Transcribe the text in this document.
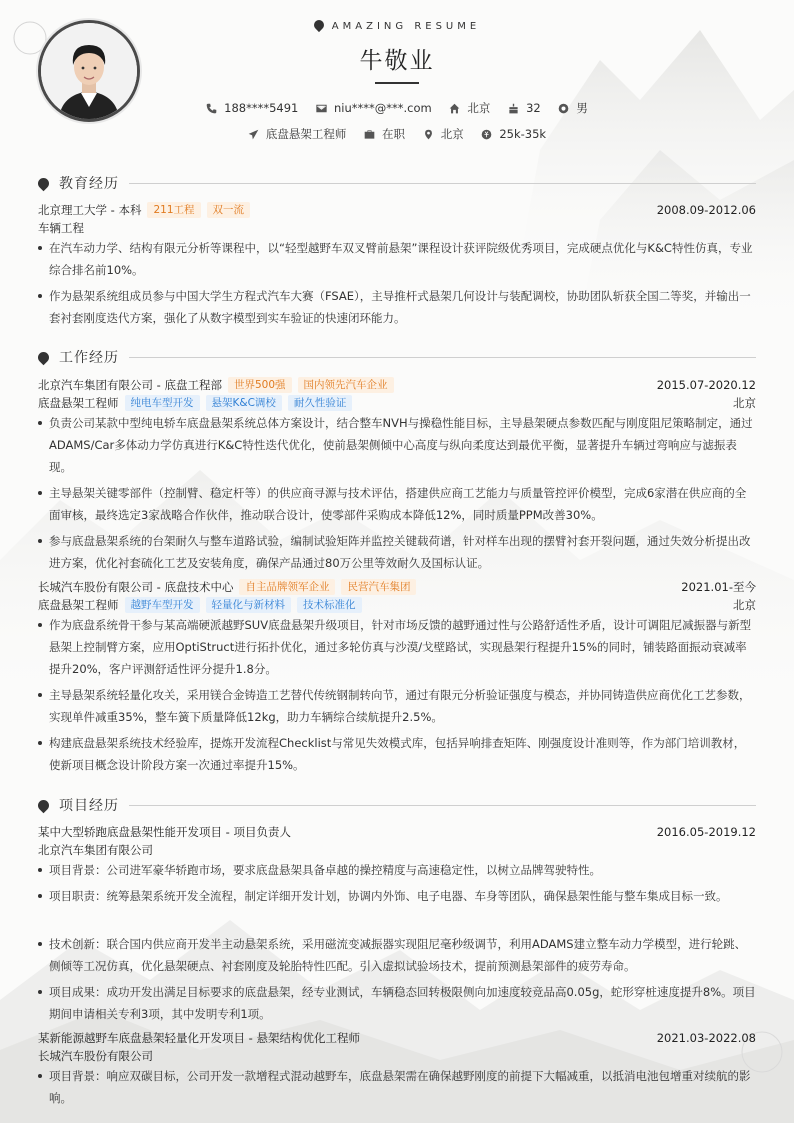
AMAZING RESUME
牛敬业
188****5491
	niu****@***.com
	北京
	32
	男
底盘悬架工程师
	在职
	北京
	25k-35k
教育经历
北京理工大学 - 本科	211工程	双一流	2008.09-2012.06
车辆工程
在汽车动力学、结构有限元分析等课程中，以“轻型越野车双叉臂前悬架”课程设计获评院级优秀项目，完成硬点优化与K&C特性仿真，专业综合排名前10%。
作为悬架系统组成员参与中国大学生方程式汽车大赛（FSAE），主导推杆式悬架几何设计与装配调校，协助团队斩获全国二等奖，并输出一套衬套刚度迭代方案，强化了从数字模型到实车验证的快速闭环能力。
工作经历
北京汽车集团有限公司 - 底盘工程部	世界500强	国内领先汽车企业	2015.07-2020.12
底盘悬架工程师	纯电车型开发	悬架K&C调校	耐久性验证	北京
负责公司某款中型纯电轿车底盘悬架系统总体方案设计，结合整车NVH与操稳性能目标，主导悬架硬点参数匹配与刚度阻尼策略制定，通过ADAMS/Car多体动力学仿真进行K&C特性迭代优化，使前悬架侧倾中心高度与纵向柔度达到最优平衡，显著提升车辆过弯响应与滤振表现。
主导悬架关键零部件（控制臂、稳定杆等）的供应商寻源与技术评估，搭建供应商工艺能力与质量管控评价模型，完成6家潜在供应商的全面审核，最终选定3家战略合作伙伴，推动联合设计，使零部件采购成本降低12%，同时质量PPM改善30%。
参与底盘悬架系统的台架耐久与整车道路试验，编制试验矩阵并监控关键载荷谱，针对样车出现的摆臂衬套开裂问题，通过失效分析提出改进方案，优化衬套硫化工艺及安装角度，确保产品通过80万公里等效耐久及国标认证。
长城汽车股份有限公司 - 底盘技术中心	自主品牌领军企业	民营汽车集团	2021.01-至今
底盘悬架工程师	越野车型开发	轻量化与新材料	技术标准化	北京
作为底盘系统骨干参与某高端硬派越野SUV底盘悬架升级项目，针对市场反馈的越野通过性与公路舒适性矛盾，设计可调阻尼减振器与新型悬架上控制臂方案，应用OptiStruct进行拓扑优化，通过多轮仿真与沙漠/戈壁路试，实现悬架行程提升15%的同时，铺装路面振动衰减率提升20%，客户评测舒适性评分提升1.8分。
主导悬架系统轻量化攻关，采用镁合金铸造工艺替代传统钢制转向节，通过有限元分析验证强度与模态，并协同铸造供应商优化工艺参数，实现单件减重35%，整车簧下质量降低12kg，助力车辆综合续航提升2.5%。
构建底盘悬架系统技术经验库，提炼开发流程Checklist与常见失效模式库，包括异响排查矩阵、刚强度设计准则等，作为部门培训教材，使新项目概念设计阶段方案一次通过率提升15%。
项目经历
某中大型轿跑底盘悬架性能开发项目 - 项目负责人	2016.05-2019.12
北京汽车集团有限公司
项目背景：公司进军豪华轿跑市场，要求底盘悬架具备卓越的操控精度与高速稳定性，以树立品牌驾驶特性。
项目职责：统筹悬架系统开发全流程，制定详细开发计划，协调内外饰、电子电器、车身等团队，确保悬架性能与整车集成目标一致。
技术创新：联合国内供应商开发半主动悬架系统，采用磁流变减振器实现阻尼毫秒级调节，利用ADAMS建立整车动力学模型，进行轮跳、侧倾等工况仿真，优化悬架硬点、衬套刚度及轮胎特性匹配。引入虚拟试验场技术，提前预测悬架部件的疲劳寿命。
项目成果：成功开发出满足目标要求的底盘悬架，经专业测试，车辆稳态回转极限侧向加速度较竞品高0.05g，蛇形穿桩速度提升8%。项目期间申请相关专利3项，其中发明专利1项。
某新能源越野车底盘悬架轻量化开发项目 - 悬架结构优化工程师	2021.03-2022.08
长城汽车股份有限公司
项目背景：响应双碳目标，公司开发一款增程式混动越野车，底盘悬架需在确保越野刚度的前提下大幅减重，以抵消电池包增重对续航的影响。
